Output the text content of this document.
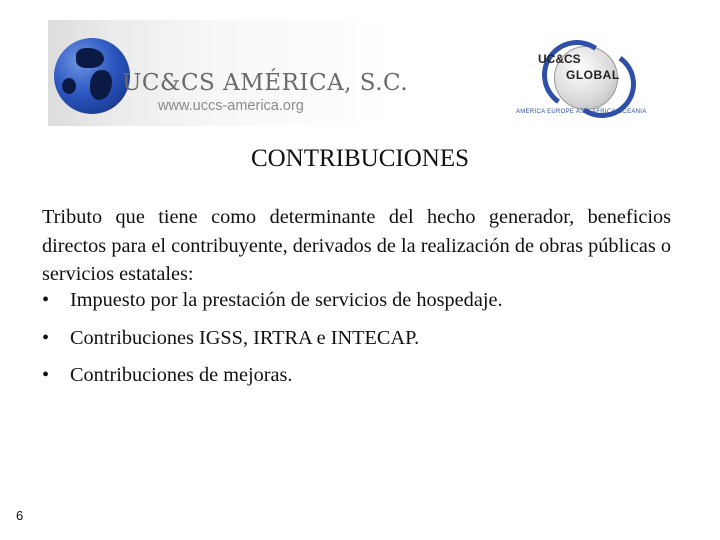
UC&CS AMÉRICA, S.C.
www.uccs-america.org
UC&CS
GLOBAL
AMERICA EUROPE ASIA AFRICA OCEANIA
CONTRIBUCIONES

Tributo que tiene como determinante del hecho generador, beneficios directos para el contribuyente, derivados de la realización de obras públicas o servicios estatales:

• Impuesto por la prestación de servicios de hospedaje.
• Contribuciones IGSS, IRTRA e INTECAP.
• Contribuciones de mejoras.
6
